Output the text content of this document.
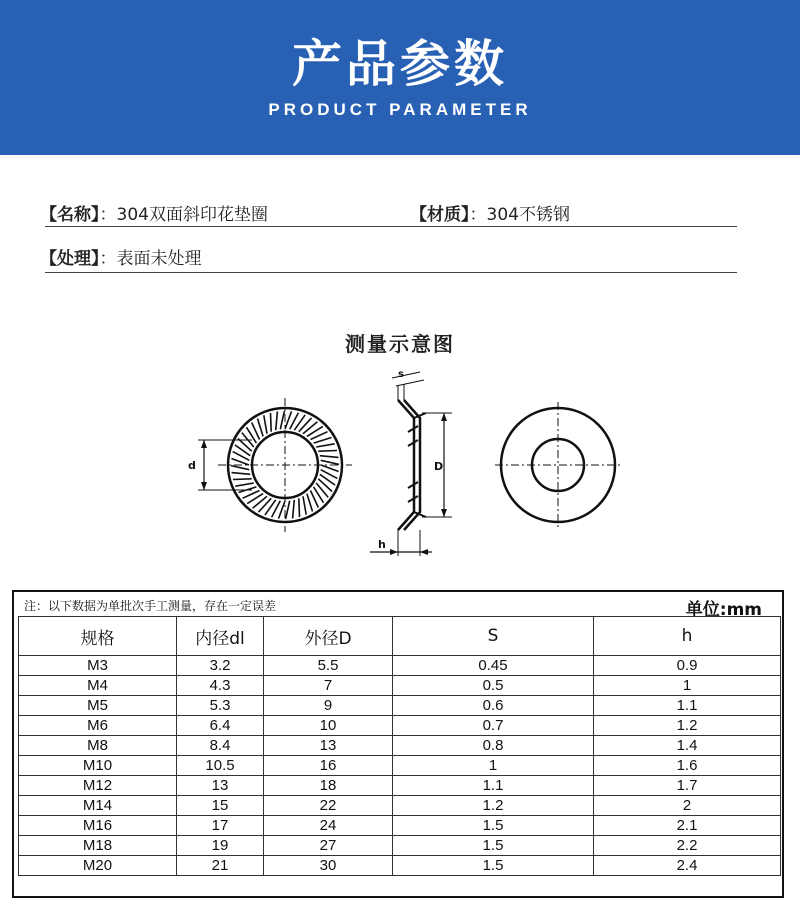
产品参数
PRODUCT PARAMETER
【名称】：304双面斜印花垫圈	【材质】：304不锈钢
【处理】：表面未处理
测量示意图
d
s
D
h
注：以下数据为单批次手工测量，存在一定误差	单位:mm
规格	内径dl	外径D	S	h
M3	3.2	5.5	0.45	0.9
M4	4.3	7	0.5	1
M5	5.3	9	0.6	1.1
M6	6.4	10	0.7	1.2
M8	8.4	13	0.8	1.4
M10	10.5	16	1	1.6
M12	13	18	1.1	1.7
M14	15	22	1.2	2
M16	17	24	1.5	2.1
M18	19	27	1.5	2.2
M20	21	30	1.5	2.4
